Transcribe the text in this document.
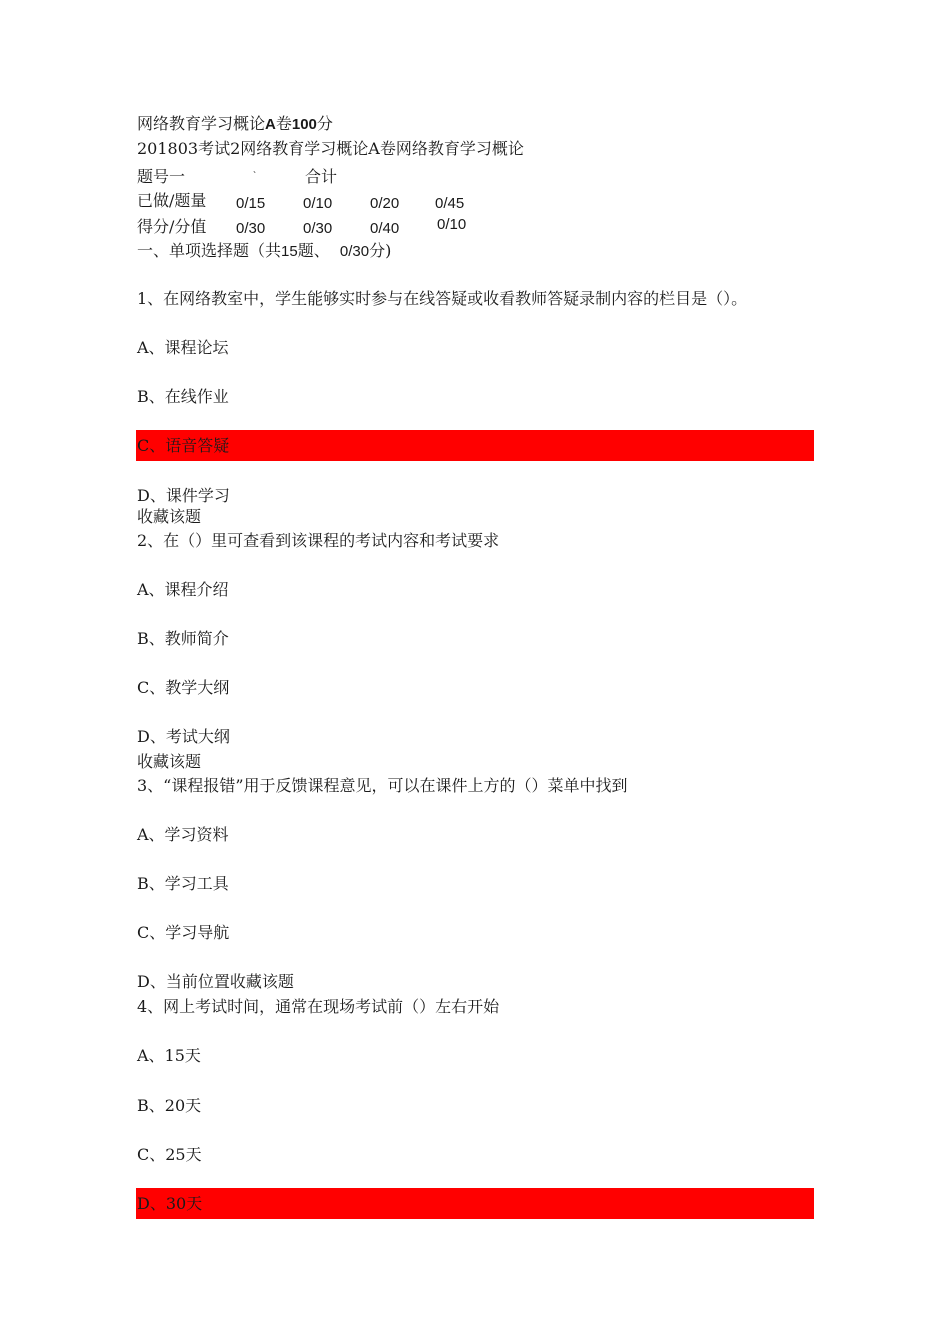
网络教育学习概论A卷100分
201803考试2网络教育学习概论A卷网络教育学习概论
题号一	、	合计
已做/题量 0/15	0/10	0/20 0/45
得分/分值 0/30	0/30	0/40	0/10
一、单项选择题（共15题、 0/30分)
1、在网络教室中，学生能够实时参与在线答疑或收看教师答疑录制内容的栏目是（）。
A、课程论坛
B、在线作业
C、语音答疑
D、课件学习
收藏该题
2、在（）里可查看到该课程的考试内容和考试要求
A、课程介绍
B、教师简介
C、教学大纲
D、考试大纲
收藏该题
3、“课程报错”用于反馈课程意见，可以在课件上方的（）菜单中找到
A、学习资料
B、学习工具
C、学习导航
D、当前位置收藏该题
4、网上考试时间，通常在现场考试前（）左右开始
A、15天
B、20天
C、25天
D、30天
